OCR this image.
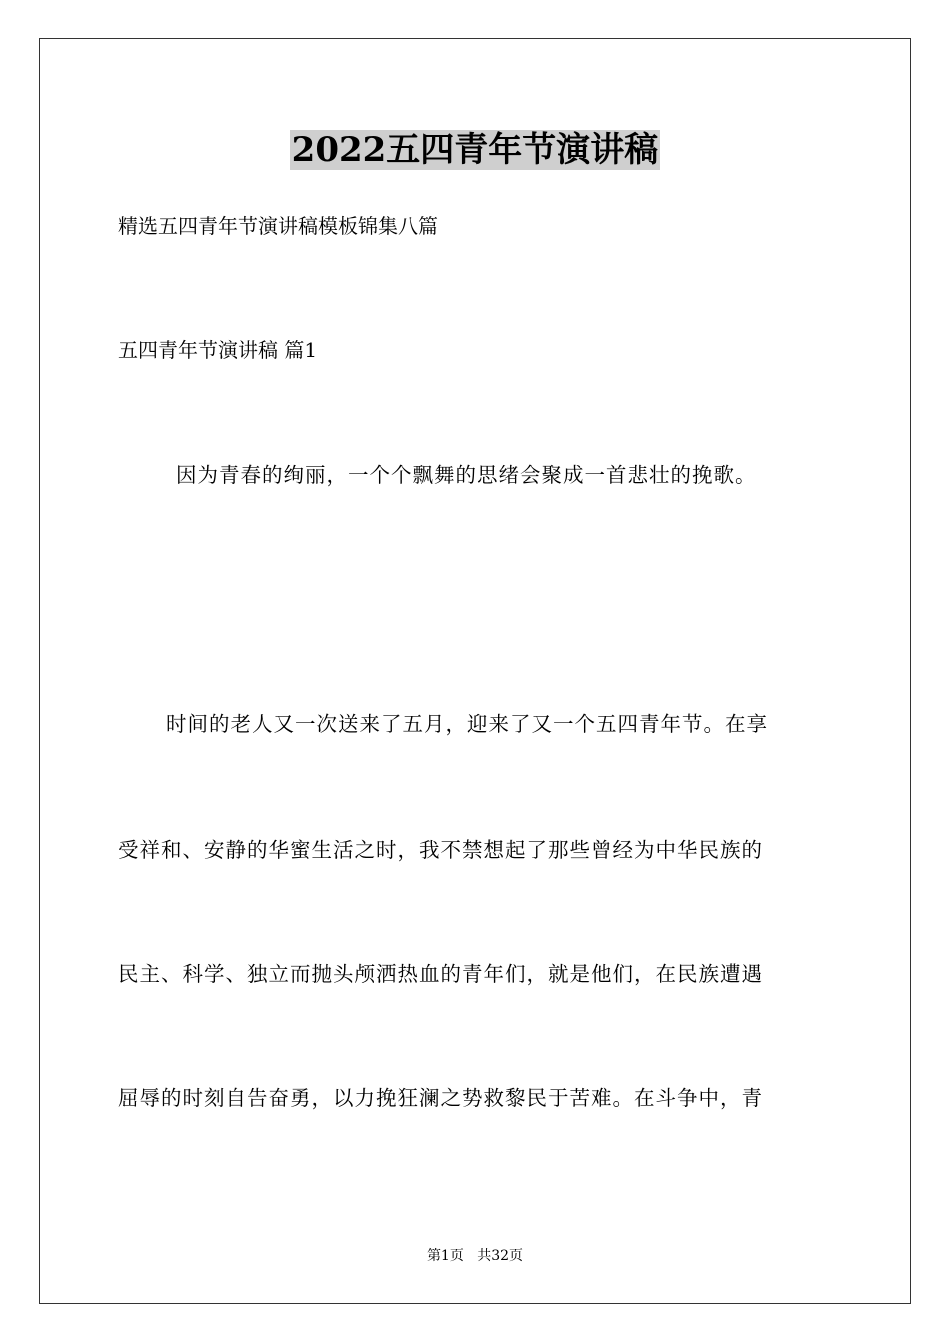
2022五四青年节演讲稿
精选五四青年节演讲稿模板锦集八篇
五四青年节演讲稿 篇1
因为青春的绚丽，一个个飘舞的思绪会聚成一首悲壮的挽歌。
时间的老人又一次送来了五月，迎来了又一个五四青年节。在享
受祥和、安静的华蜜生活之时，我不禁想起了那些曾经为中华民族的
民主、科学、独立而抛头颅洒热血的青年们，就是他们，在民族遭遇
屈辱的时刻自告奋勇，以力挽狂澜之势救黎民于苦难。在斗争中，青
第1页 共32页
